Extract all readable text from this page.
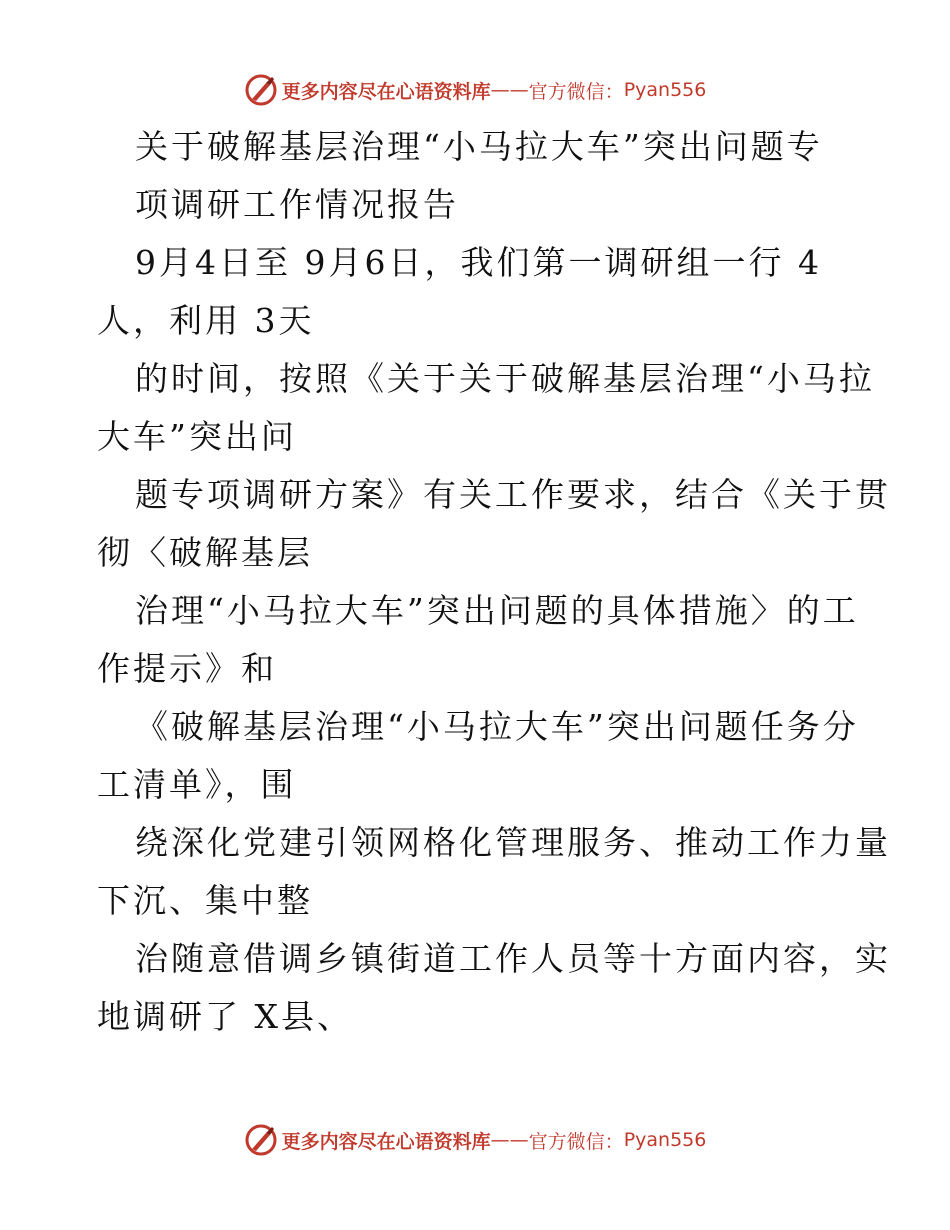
更多内容尽在心语资料库 —— 官方微信： Pyan556
关于破解基层治理“小马拉大车”突出问题专
项调研工作情况报告
9月4日至 9月6日，我们第一调研组一行 4
人，利用 3天
的时间，按照《关于关于破解基层治理“小马拉
大车”突出问
题专项调研方案》有关工作要求，结合《关于贯
彻〈破解基层
治理“小马拉大车”突出问题的具体措施〉的工
作提示》和
《破解基层治理“小马拉大车”突出问题任务分
工清单》，围
绕深化党建引领网格化管理服务、推动工作力量
下沉、集中整
治随意借调乡镇街道工作人员等十方面内容，实
地调研了 X县、
更多内容尽在心语资料库 —— 官方微信： Pyan556
